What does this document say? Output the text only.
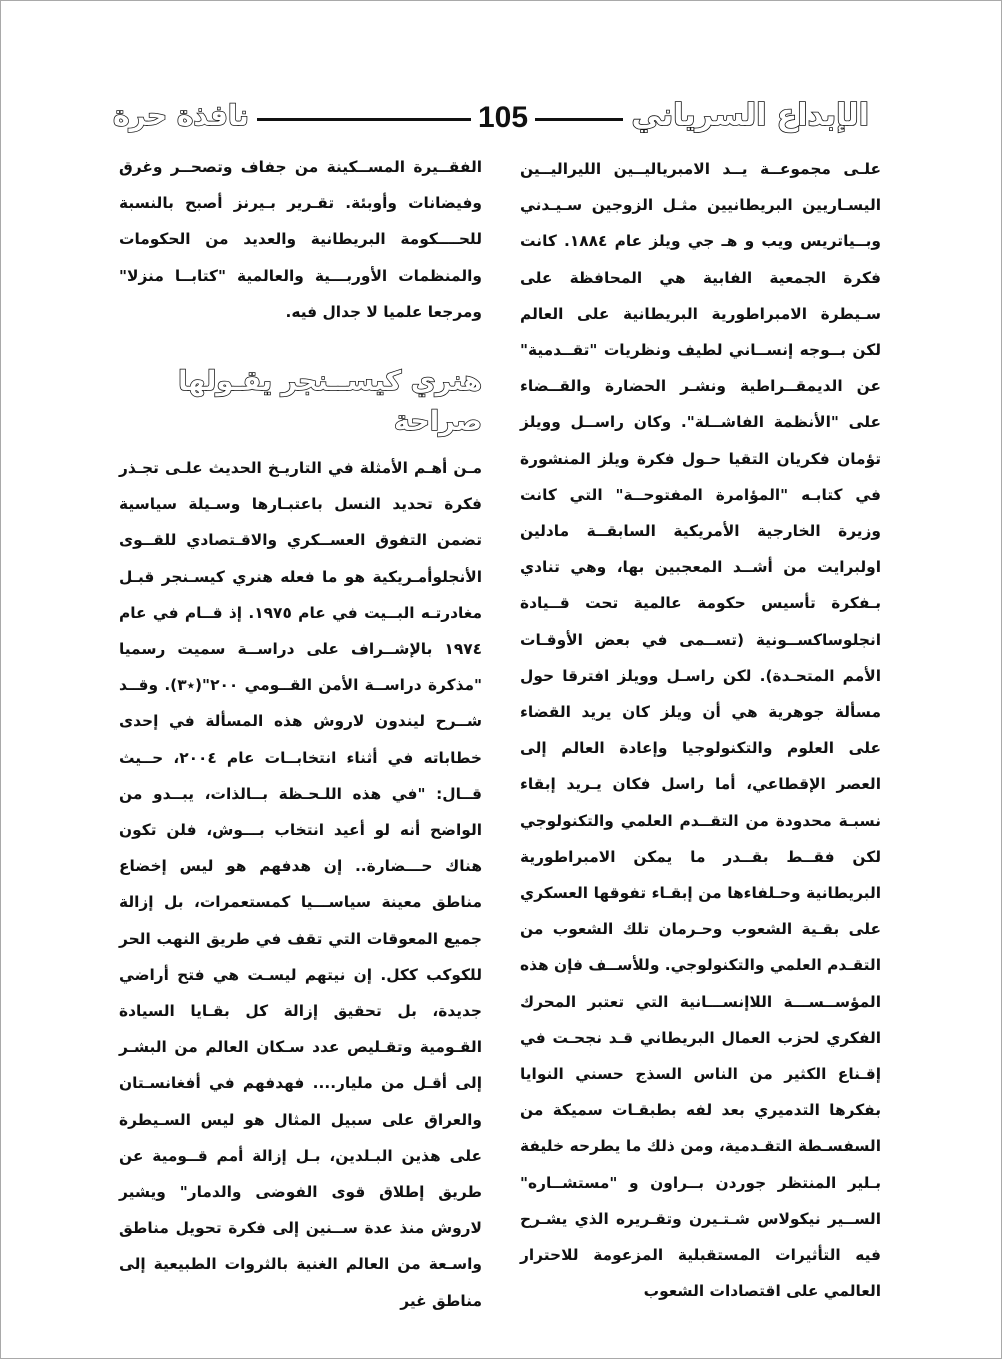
الإبداع السرياني
105
نافذة حرة

علـى مجموعــة يــد الامبرياليــين الليراليــين اليسـاريين البريطانيين مثـل الزوجين سـيـدني وبــياتريس ويب و هـ جي ويلز عام ١٨٨٤. كانت فكرة الجمعية الفابية هي المحافظة على سـيطرة الامبراطورية البريطانية على العالم لكن بــوجه إنســاني لطيف ونظريات "تقــدمية" عن الديمقــراطية ونشـر الحضارة والقــضاء على "الأنظمة الفاشــلة". وكان راســل وويلز تؤمان فكريان التقيا حـول فكرة ويلز المنشورة في كتابـه "المؤامرة المفتوحــة" التي كانت وزيرة الخارجية الأمريكية السابقــة مادلين اولبرايت من أشــد المعجبين بها، وهي تنادي بـفكرة تأسيس حكومة عالمية تحت قــيادة انجلوساكســونية (تســمى في بعض الأوقـات الأمم المتحـدة). لكن راسـل وويلز افترقا حول مسألة جوهرية هي أن ويلز كان يريد القضاء على العلوم والتكنولوجيا وإعادة العالم إلى العصر الإقطاعي، أما راسل فكان يـريد إبقاء نسبـة محدودة من التقــدم العلمي والتكنولوجي لكن فقــط بقــدر ما يمكن الامبراطورية البريطانية وحـلفاءها من إبقـاء تفوقها العسكري على بقـية الشعوب وحـرمان تلك الشعوب من التقـدم العلمي والتكنولوجي. وللأســف فإن هذه المؤســســـة اللاإنســـانية التي تعتبر المحرك الفكري لحزب العمال البريطاني قـد نجحـت في إقـناع الكثير من الناس السذج حسني النوايا بفكرها التدميري بعد لفه بطبقـات سميكة من السفسـطة التقـدمية، ومن ذلك ما يطرحه خليفة بـلير المنتظر جوردن بــراون و "مستشــاره" الســير نيكولاس شـتـيرن وتقـريره الذي يشـرح فيه التأثيرات المستقبلية المزعومة للاحترار العالمي على اقتصادات الشعوب

الفقــيرة المســكينة من جفاف وتصحــر وغرق وفيضانات وأوبئة. تقـرير بـيرنز أصبح بالنسبة للحــــكومة البريطانية والعديد من الحكومات والمنظمات الأوربـــية والعالمية "كتابــا منزلا" ومرجعا علميا لا جدال فيه.

هنري كيســنجر يقـولها صراحة

مـن أهـم الأمثلة في التاريـخ الحديث علـى تجـذر فكرة تحديد النسل باعتبـارها وسـيلة سياسية تضمن التفوق العســكري والاقـتصادي للقــوى الأنجلوأمـريكية هو ما فعله هنري كيسـنجر قبـل مغادرتـه البــيت في عام ١٩٧٥. إذ قــام في عام ١٩٧٤ بالإشــراف على دراســة سميت رسميا "مذكرة دراســة الأمن القــومي ٢٠٠"(٭٣). وقــد شــرح ليندون لاروش هذه المسألة في إحدى خطاباته في أثناء انتخابــات عام ٢٠٠٤، حــيث قــال: "في هذه اللـحـظة بــالذات، يبــدو من الواضح أنه لو أعيد انتخاب بـــوش، فلن تكون هناك حـــضارة.. إن هدفهم هو ليس إخضاع مناطق معينة سياســـيا كمستعمرات، بل إزالة جميع المعوقات التي تقف في طريق النهب الحر للكوكب ككل. إن نيتهم ليسـت هي فتح أراضي جديدة، بل تحقيق إزالة كل بقـايا السيادة القـومية وتقـليص عدد سـكان العالم من البشـر إلى أقـل من مليار.... فهدفهم في أفغانسـتان والعراق على سبيل المثال هو ليس السـيطرة على هذين البـلدين، بـل إزالة أمم قــومية عن طريق إطلاق قوى الفوضى والدمار" ويشير لاروش منذ عدة ســنين إلى فكرة تحويل مناطق واسـعة من العالم الغنية بالثروات الطبيعية إلى مناطق غير
